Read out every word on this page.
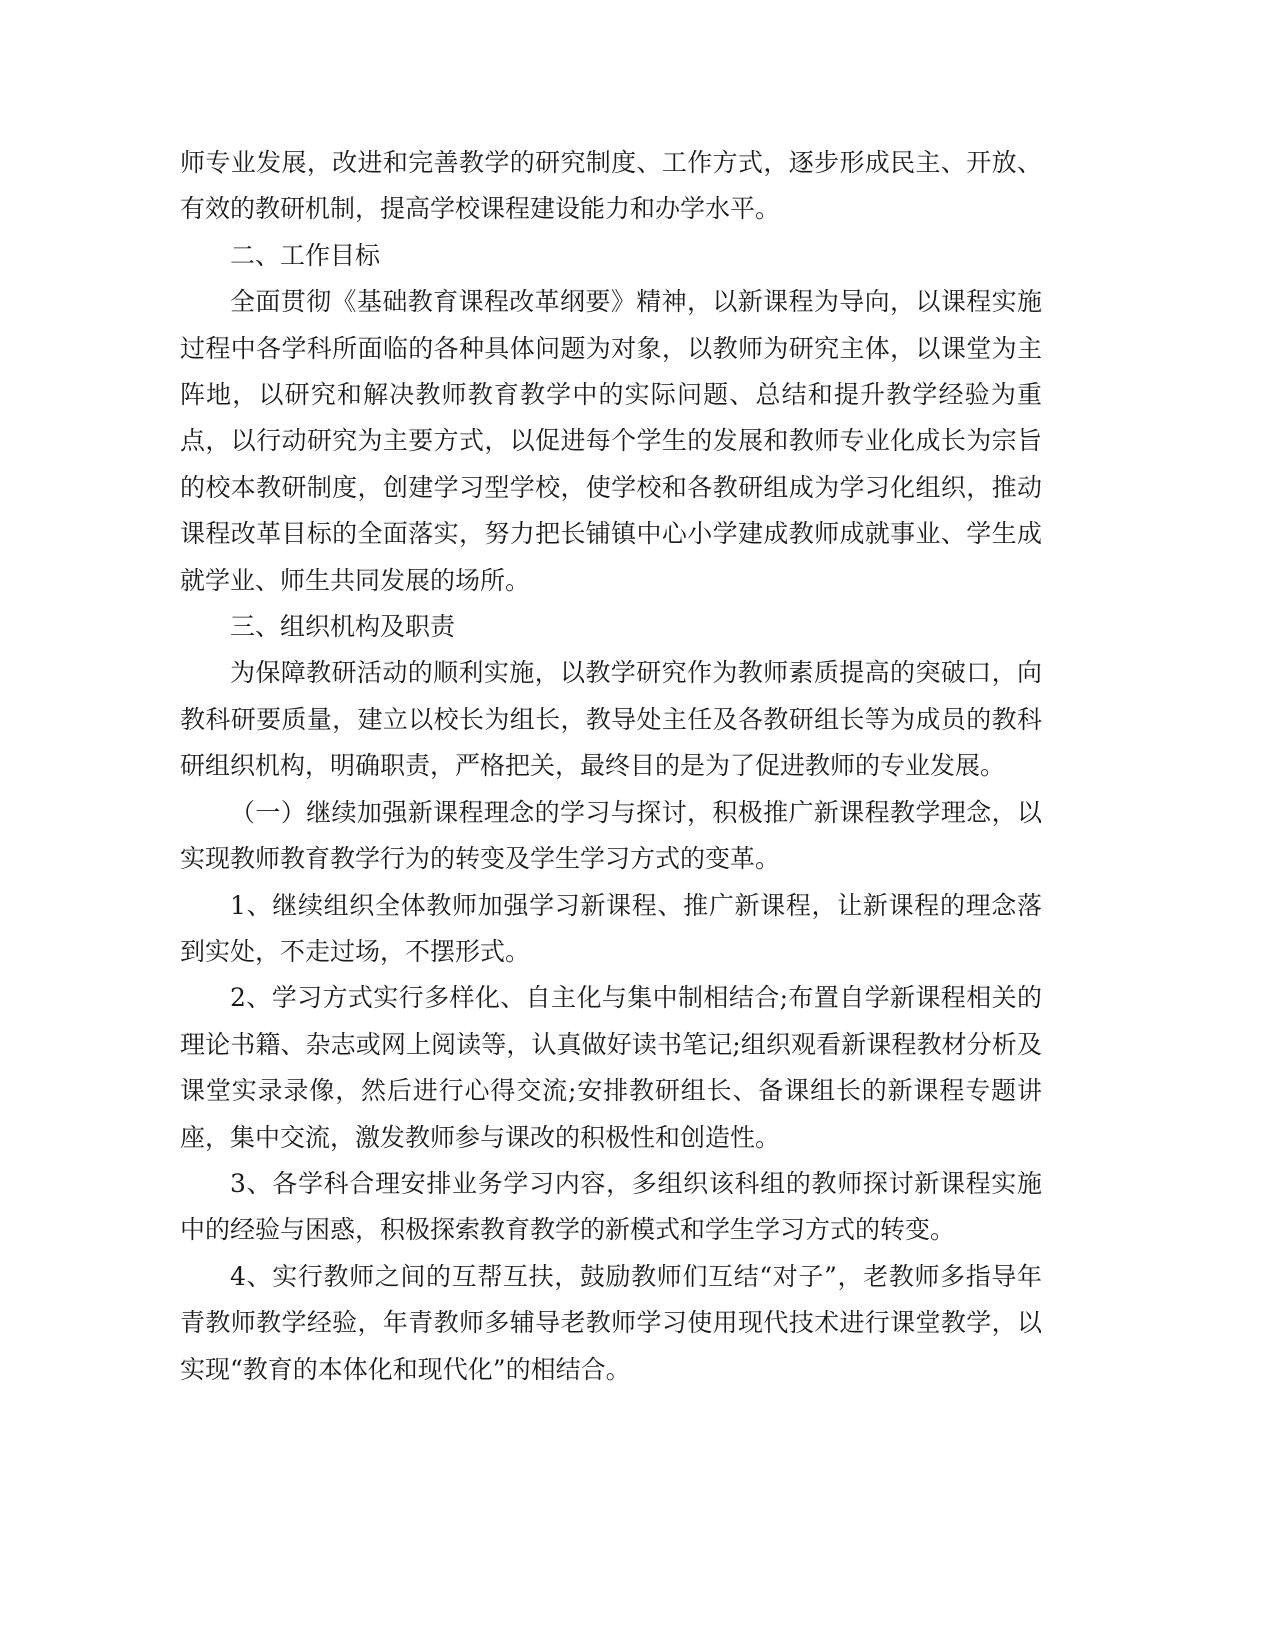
师专业发展，改进和完善教学的研究制度、工作方式，逐步形成民主、开放、有效的教研机制，提高学校课程建设能力和办学水平。

二、工作目标

全面贯彻《基础教育课程改革纲要》精神，以新课程为导向，以课程实施过程中各学科所面临的各种具体问题为对象，以教师为研究主体，以课堂为主阵地，以研究和解决教师教育教学中的实际问题、总结和提升教学经验为重点，以行动研究为主要方式，以促进每个学生的发展和教师专业化成长为宗旨的校本教研制度，创建学习型学校，使学校和各教研组成为学习化组织，推动课程改革目标的全面落实，努力把长铺镇中心小学建成教师成就事业、学生成就学业、师生共同发展的场所。

三、组织机构及职责

为保障教研活动的顺利实施，以教学研究作为教师素质提高的突破口，向教科研要质量，建立以校长为组长，教导处主任及各教研组长等为成员的教科研组织机构，明确职责，严格把关，最终目的是为了促进教师的专业发展。

（一）继续加强新课程理念的学习与探讨，积极推广新课程教学理念，以实现教师教育教学行为的转变及学生学习方式的变革。

1、继续组织全体教师加强学习新课程、推广新课程，让新课程的理念落到实处，不走过场，不摆形式。

2、学习方式实行多样化、自主化与集中制相结合;布置自学新课程相关的理论书籍、杂志或网上阅读等，认真做好读书笔记;组织观看新课程教材分析及课堂实录录像，然后进行心得交流;安排教研组长、备课组长的新课程专题讲座，集中交流，激发教师参与课改的积极性和创造性。

3、各学科合理安排业务学习内容，多组织该科组的教师探讨新课程实施中的经验与困惑，积极探索教育教学的新模式和学生学习方式的转变。

4、实行教师之间的互帮互扶，鼓励教师们互结“对子”，老教师多指导年青教师教学经验，年青教师多辅导老教师学习使用现代技术进行课堂教学，以实现“教育的本体化和现代化”的相结合。
